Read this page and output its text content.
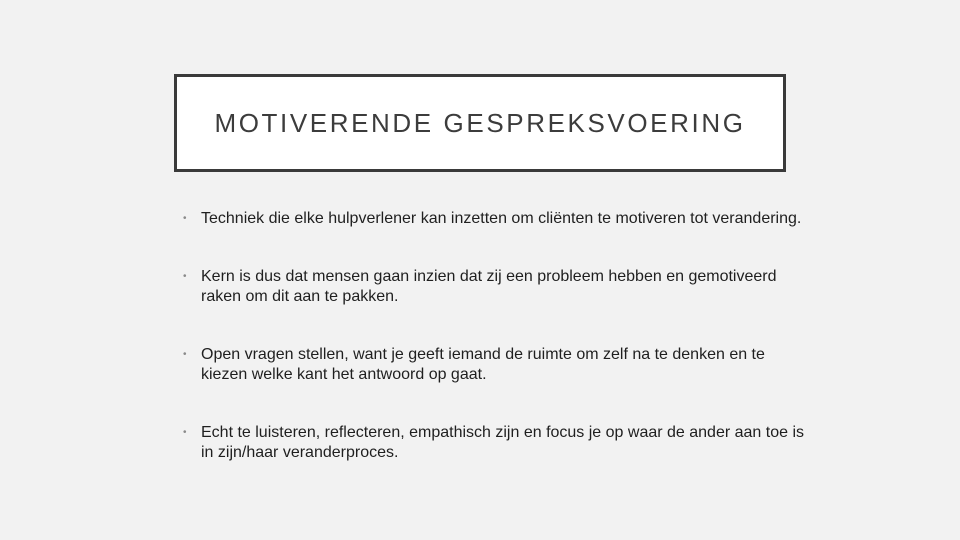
MOTIVERENDE GESPREKSVOERING
• Techniek die elke hulpverlener kan inzetten om cliënten te motiveren tot verandering.
• Kern is dus dat mensen gaan inzien dat zij een probleem hebben en gemotiveerd raken om dit aan te pakken.
• Open vragen stellen, want je geeft iemand de ruimte om zelf na te denken en te kiezen welke kant het antwoord op gaat.
• Echt te luisteren, reflecteren, empathisch zijn en focus je op waar de ander aan toe is in zijn/haar veranderproces.
